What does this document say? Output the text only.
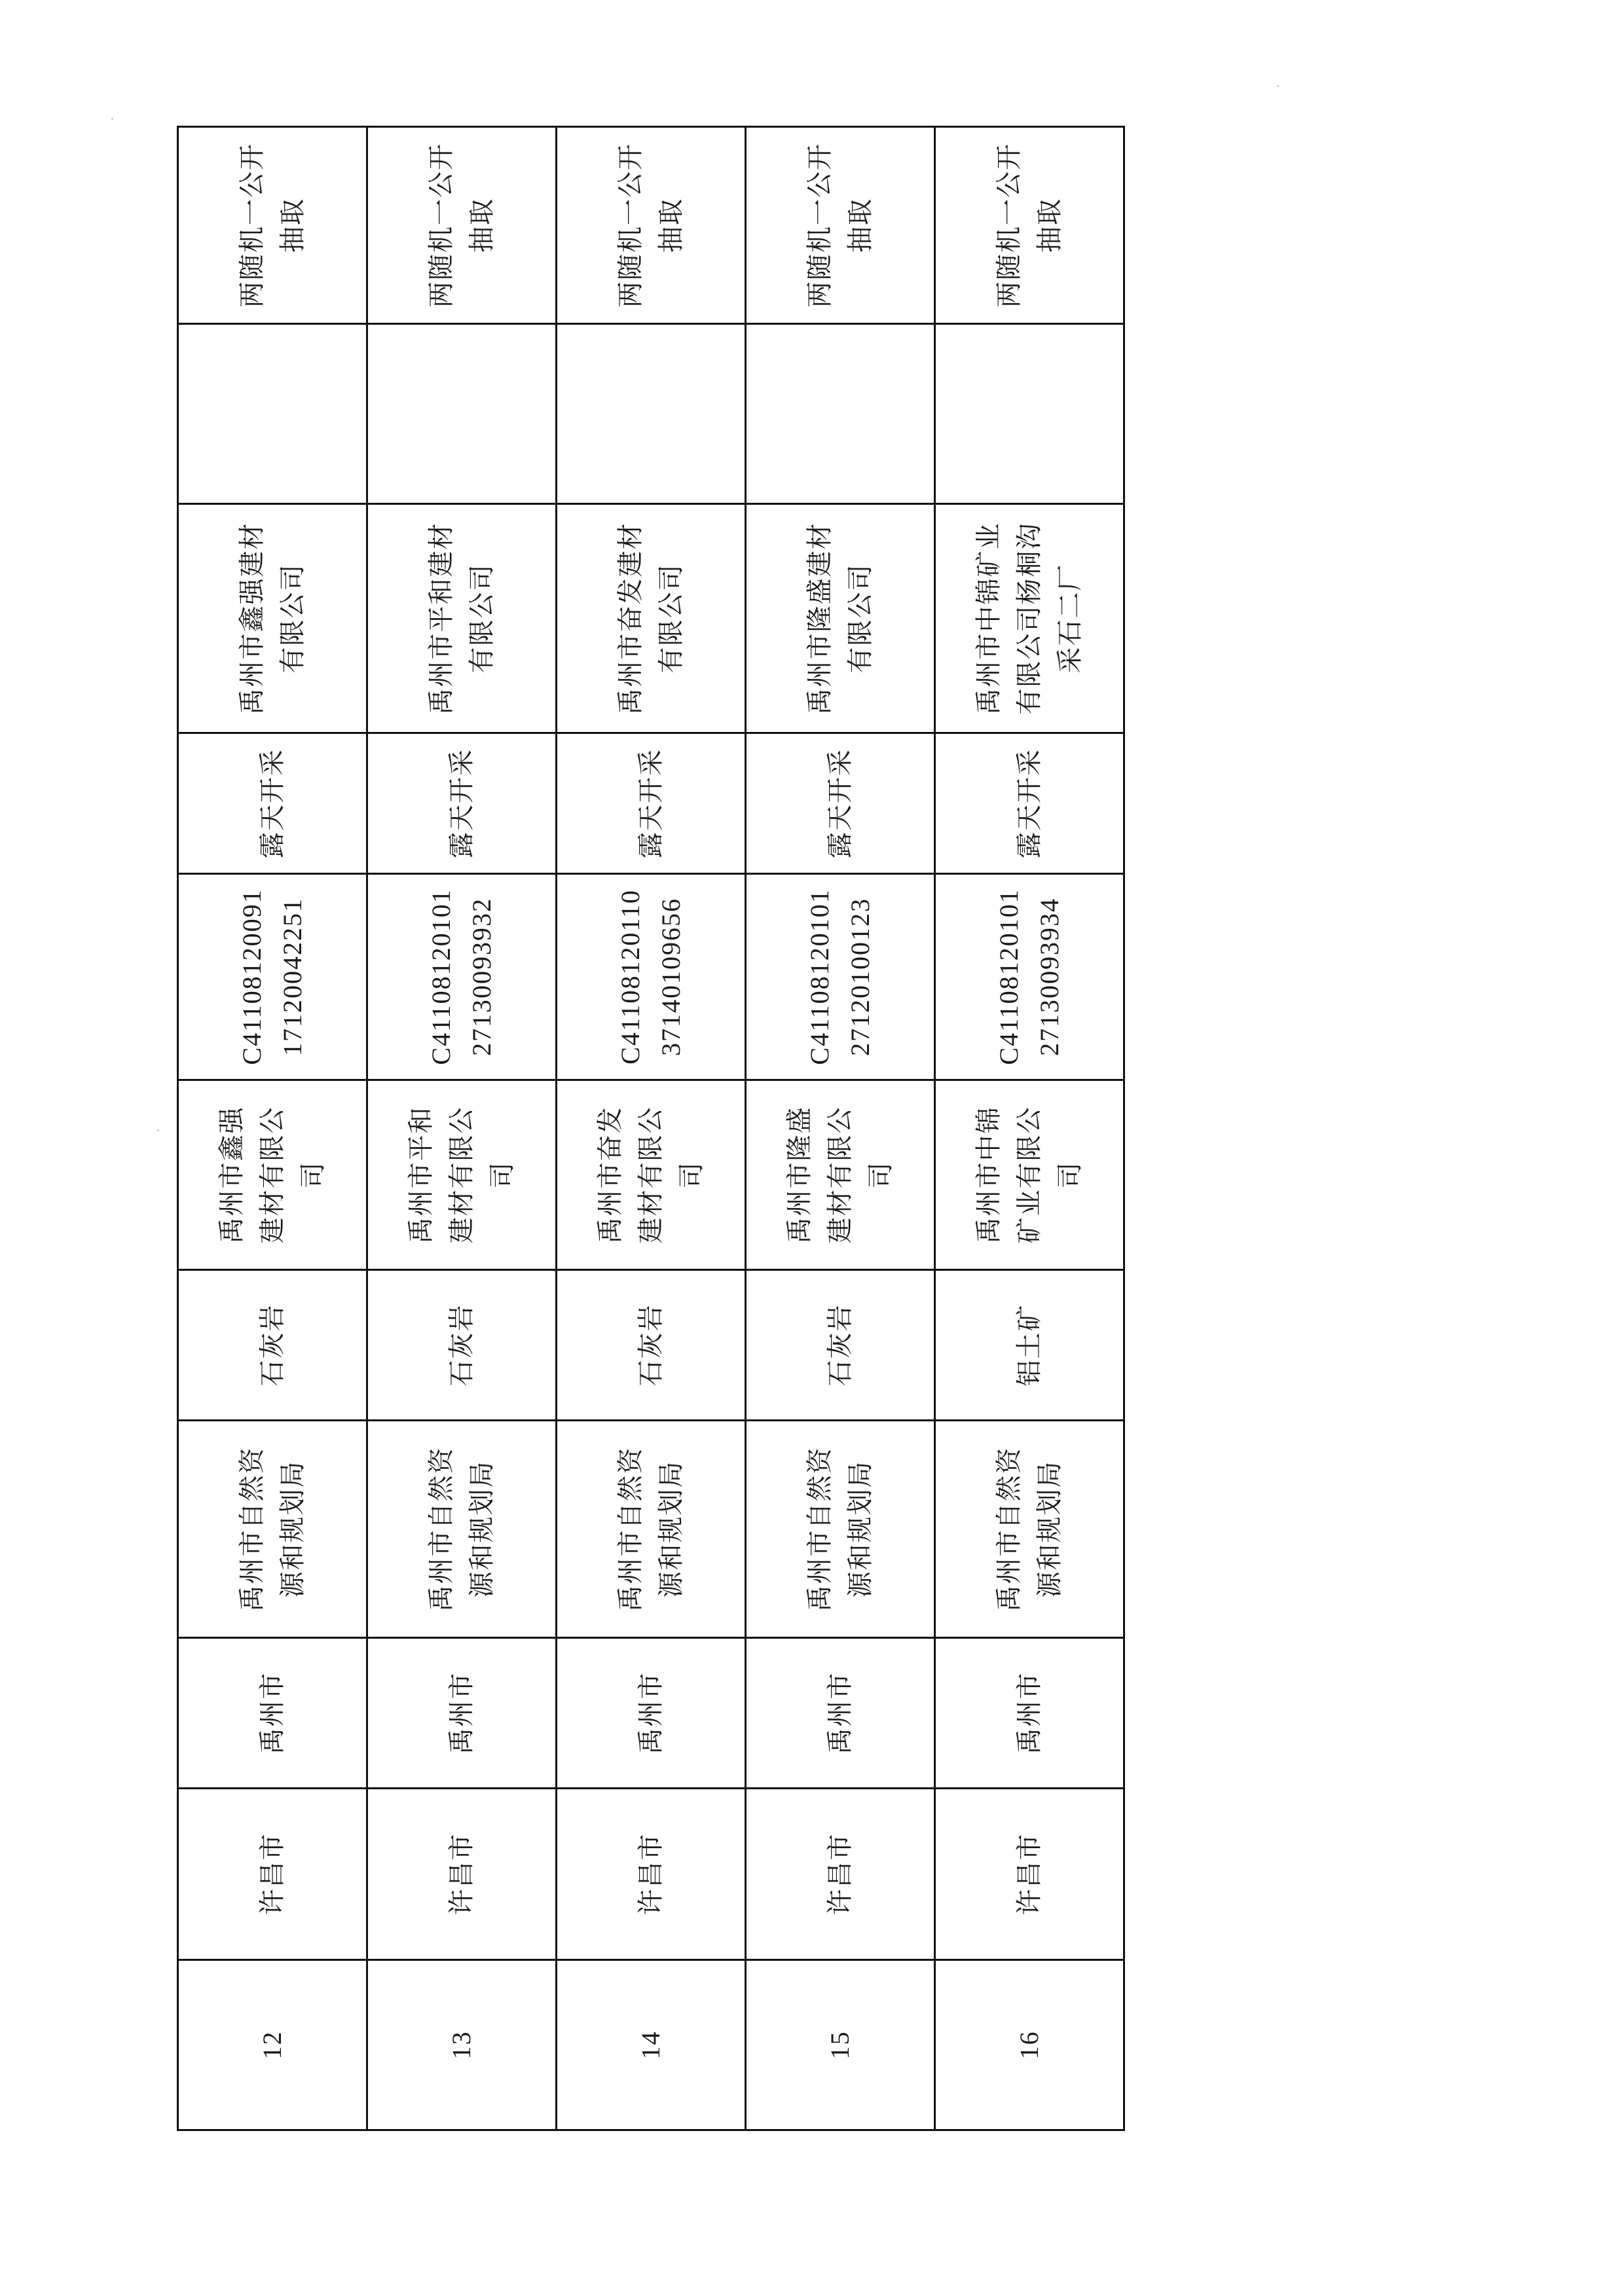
12	许昌市	禹州市	禹州市自然资源和规划局	石灰岩	禹州市鑫强建材有限公司	C4110812009117120042251	露天开采	禹州市鑫强建材有限公司		两随机一公开抽取
13	许昌市	禹州市	禹州市自然资源和规划局	石灰岩	禹州市平和建材有限公司	C4110812010127130093932	露天开采	禹州市平和建材有限公司		两随机一公开抽取
14	许昌市	禹州市	禹州市自然资源和规划局	石灰岩	禹州市奋发建材有限公司	C4110812011037140109656	露天开采	禹州市奋发建材有限公司		两随机一公开抽取
15	许昌市	禹州市	禹州市自然资源和规划局	石灰岩	禹州市隆盛建材有限公司	C4110812010127120100123	露天开采	禹州市隆盛建材有限公司		两随机一公开抽取
16	许昌市	禹州市	禹州市自然资源和规划局	铝土矿	禹州市中锦矿业有限公司	C4110812010127130093934	露天开采	禹州市中锦矿业有限公司杨桐沟采石二厂		两随机一公开抽取
